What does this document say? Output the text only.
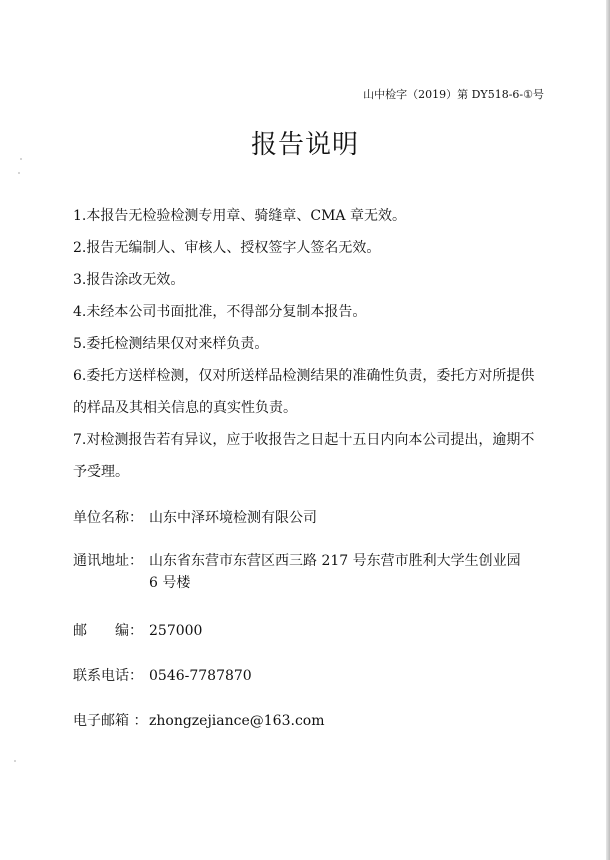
山中检字（2019）第 DY518-6-①号
报告说明
1.本报告无检验检测专用章、骑缝章、CMA 章无效。
2.报告无编制人、审核人、授权签字人签名无效。
3.报告涂改无效。
4.未经本公司书面批准，不得部分复制本报告。
5.委托检测结果仅对来样负责。
6.委托方送样检测，仅对所送样品检测结果的准确性负责，委托方对所提供的样品及其相关信息的真实性负责。
7.对检测报告若有异议，应于收报告之日起十五日内向本公司提出，逾期不予受理。
单位名称： 山东中泽环境检测有限公司
通讯地址： 山东省东营市东营区西三路 217 号东营市胜利大学生创业园
6 号楼
邮　　编： 257000
联系电话： 0546-7787870
电子邮箱 ： zhongzejiance@163.com
